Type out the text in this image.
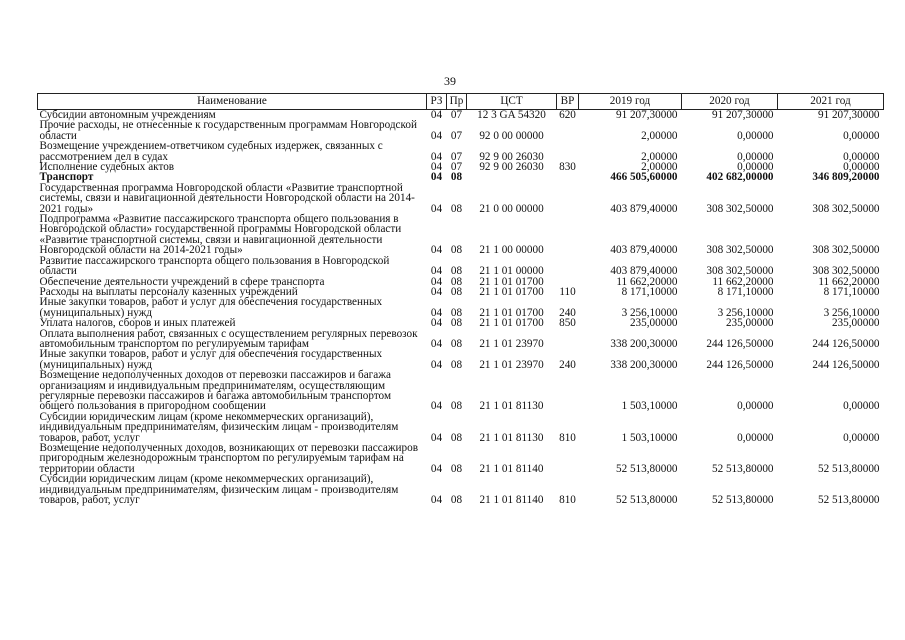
39
Наименование	РЗ	Пр	ЦСТ	ВР	2019 год	2020 год	2021 год
Субсидии автономным учреждениям	04	07	12 3 GA 54320	620	91 207,30000	91 207,30000	91 207,30000
Прочие расходы, не отнесенные к государственным программам Новгородской области	04	07	92 0 00 00000		2,00000	0,00000	0,00000
Возмещение учреждением-ответчиком судебных издержек, связанных с рассмотрением дел в судах	04	07	92 9 00 26030		2,00000	0,00000	0,00000
Исполнение судебных актов	04	07	92 9 00 26030	830	2,00000	0,00000	0,00000
Транспорт	04	08			466 505,60000	402 682,00000	346 809,20000
Государственная программа Новгородской области «Развитие транспортной системы, связи и навигационной деятельности Новгородской области на 2014-2021 годы»	04	08	21 0 00 00000		403 879,40000	308 302,50000	308 302,50000
Подпрограмма «Развитие пассажирского транспорта общего пользования в Новгородской области» государственной программы Новгородской области «Развитие транспортной системы, связи и навигационной деятельности Новгородской области на 2014-2021 годы»	04	08	21 1 00 00000		403 879,40000	308 302,50000	308 302,50000
Развитие пассажирского транспорта общего пользования в Новгородской области	04	08	21 1 01 00000		403 879,40000	308 302,50000	308 302,50000
Обеспечение деятельности учреждений в сфере транспорта	04	08	21 1 01 01700		11 662,20000	11 662,20000	11 662,20000
Расходы на выплаты персоналу казенных учреждений	04	08	21 1 01 01700	110	8 171,10000	8 171,10000	8 171,10000
Иные закупки товаров, работ и услуг для обеспечения государственных (муниципальных) нужд	04	08	21 1 01 01700	240	3 256,10000	3 256,10000	3 256,10000
Уплата налогов, сборов и иных платежей	04	08	21 1 01 01700	850	235,00000	235,00000	235,00000
Оплата выполнения работ, связанных с осуществлением регулярных перевозок автомобильным транспортом по регулируемым тарифам	04	08	21 1 01 23970		338 200,30000	244 126,50000	244 126,50000
Иные закупки товаров, работ и услуг для обеспечения государственных (муниципальных) нужд	04	08	21 1 01 23970	240	338 200,30000	244 126,50000	244 126,50000
Возмещение недополученных доходов от перевозки пассажиров и багажа организациям и индивидуальным предпринимателям, осуществляющим регулярные перевозки пассажиров и багажа автомобильным транспортом общего пользования в пригородном сообщении	04	08	21 1 01 81130		1 503,10000	0,00000	0,00000
Субсидии юридическим лицам (кроме некоммерческих организаций), индивидуальным предпринимателям, физическим лицам - производителям товаров, работ, услуг	04	08	21 1 01 81130	810	1 503,10000	0,00000	0,00000
Возмещение недополученных доходов, возникающих от перевозки пассажиров пригородным железнодорожным транспортом по регулируемым тарифам на территории области	04	08	21 1 01 81140		52 513,80000	52 513,80000	52 513,80000
Субсидии юридическим лицам (кроме некоммерческих организаций), индивидуальным предпринимателям, физическим лицам - производителям товаров, работ, услуг	04	08	21 1 01 81140	810	52 513,80000	52 513,80000	52 513,80000
